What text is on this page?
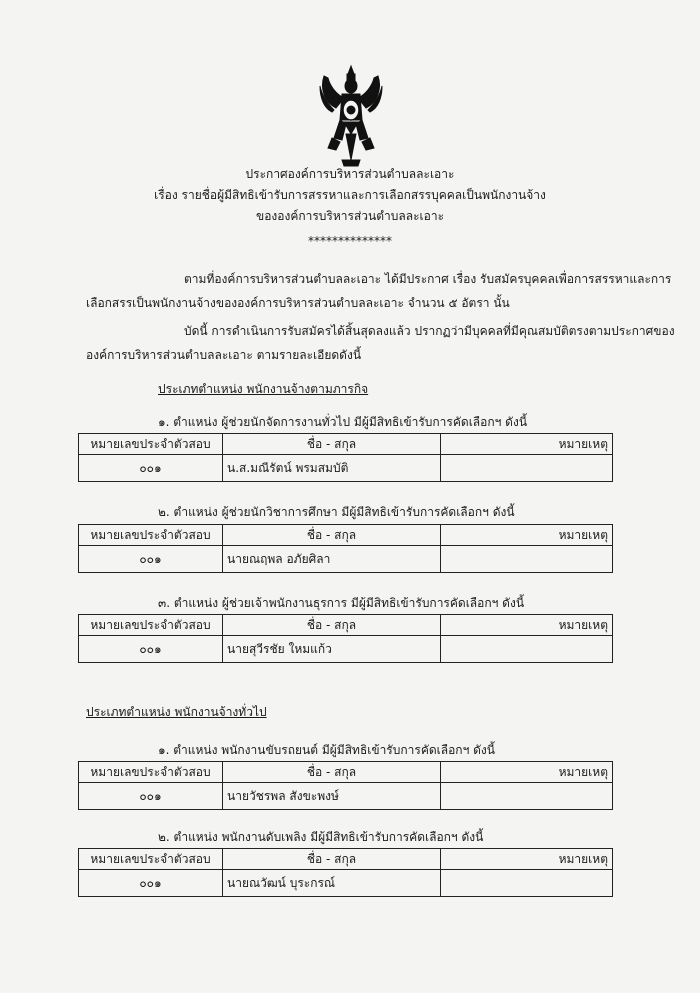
ประกาศองค์การบริหารส่วนตำบลละเอาะ
เรื่อง รายชื่อผู้มีสิทธิเข้ารับการสรรหาและการเลือกสรรบุคคลเป็นพนักงานจ้าง
ขององค์การบริหารส่วนตำบลละเอาะ
**************
ตามที่องค์การบริหารส่วนตำบลละเอาะ ได้มีประกาศ เรื่อง รับสมัครบุคคลเพื่อการสรรหาและการ
เลือกสรรเป็นพนักงานจ้างขององค์การบริหารส่วนตำบลละเอาะ จำนวน ๕ อัตรา นั้น
บัดนี้ การดำเนินการรับสมัครได้สิ้นสุดลงแล้ว ปรากฏว่ามีบุคคลที่มีคุณสมบัติตรงตามประกาศของ
องค์การบริหารส่วนตำบลละเอาะ ตามรายละเอียดดังนี้
ประเภทตำแหน่ง พนักงานจ้างตามภารกิจ
๑. ตำแหน่ง ผู้ช่วยนักจัดการงานทั่วไป มีผู้มีสิทธิเข้ารับการคัดเลือกฯ ดังนี้
หมายเลขประจำตัวสอบ	ชื่อ - สกุล	หมายเหตุ
๐๐๑	น.ส.มณีรัตน์ พรมสมบัติ	
๒. ตำแหน่ง ผู้ช่วยนักวิชาการศึกษา มีผู้มีสิทธิเข้ารับการคัดเลือกฯ ดังนี้
หมายเลขประจำตัวสอบ	ชื่อ - สกุล	หมายเหตุ
๐๐๑	นายณฤพล อภัยศิลา	
๓. ตำแหน่ง ผู้ช่วยเจ้าพนักงานธุรการ มีผู้มีสิทธิเข้ารับการคัดเลือกฯ ดังนี้
หมายเลขประจำตัวสอบ	ชื่อ - สกุล	หมายเหตุ
๐๐๑	นายสุวีรชัย ใหมแก้ว	
ประเภทตำแหน่ง พนักงานจ้างทั่วไป
๑. ตำแหน่ง พนักงานขับรถยนต์ มีผู้มีสิทธิเข้ารับการคัดเลือกฯ ดังนี้
หมายเลขประจำตัวสอบ	ชื่อ - สกุล	หมายเหตุ
๐๐๑	นายวัชรพล สังขะพงษ์	
๒. ตำแหน่ง พนักงานดับเพลิง มีผู้มีสิทธิเข้ารับการคัดเลือกฯ ดังนี้
หมายเลขประจำตัวสอบ	ชื่อ - สกุล	หมายเหตุ
๐๐๑	นายณวัฒน์ บุระกรณ์	
